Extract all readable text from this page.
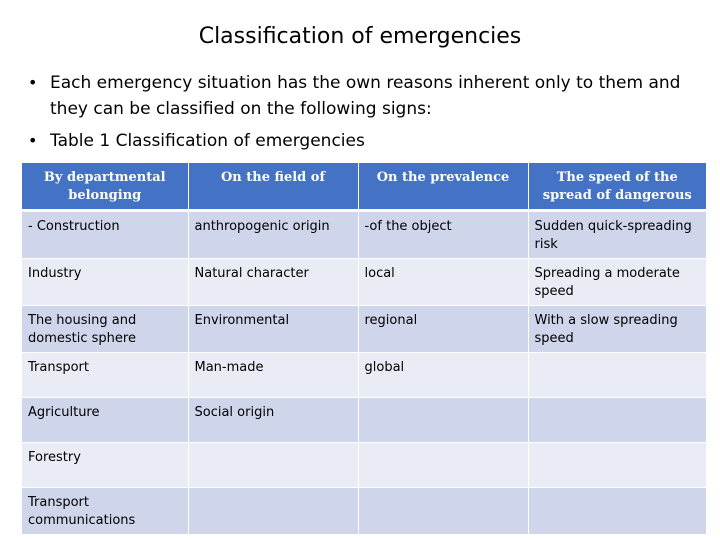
Classification of emergencies
• Each emergency situation has the own reasons inherent only to them and they can be classified on the following signs:
• Table 1 Classification of emergencies
By departmental belonging	On the field of	On the prevalence	The speed of the spread of dangerous
- Construction	anthropogenic origin	-of the object	Sudden quick-spreading risk
Industry	Natural character	local	Spreading a moderate speed
The housing and domestic sphere	Environmental	regional	With a slow spreading speed
Transport	Man-made	global	
Agriculture	Social origin		
Forestry			
Transport communications			
